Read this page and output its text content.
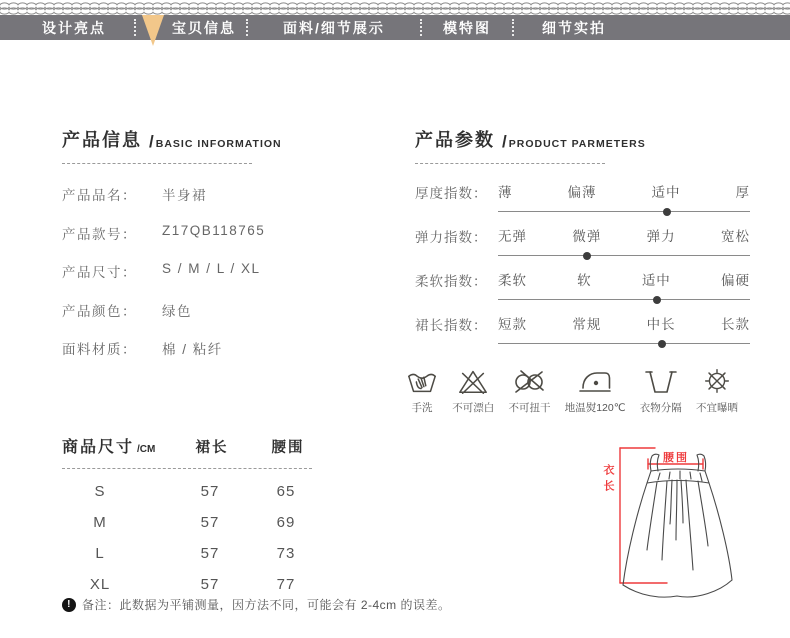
设计亮点	宝贝信息	面料/细节展示	模特图	细节实拍
产品信息 / BASIC INFORMATION
产品品名：	半身裙
产品款号：	Z17QB118765
产品尺寸：	S / M / L / XL
产品颜色：	绿色
面料材质：	棉 / 粘纤
产品参数 / PRODUCT PARMETERS
厚度指数： 薄	偏薄	适中	厚
弹力指数： 无弹	微弹	弹力	宽松
柔软指数： 柔软	软	适中	偏硬
裙长指数： 短款	常规	中长	长款
手洗 不可漂白 不可扭干 地温熨120℃ 衣物分隔 不宜曝晒
商品尺寸 /CM	裙长	腰围
S	57	65
M	57	69
L	57	73
XL	57	77
! 备注：此数据为平铺测量，因方法不同，可能会有 2-4cm 的误差。
衣长
腰围
